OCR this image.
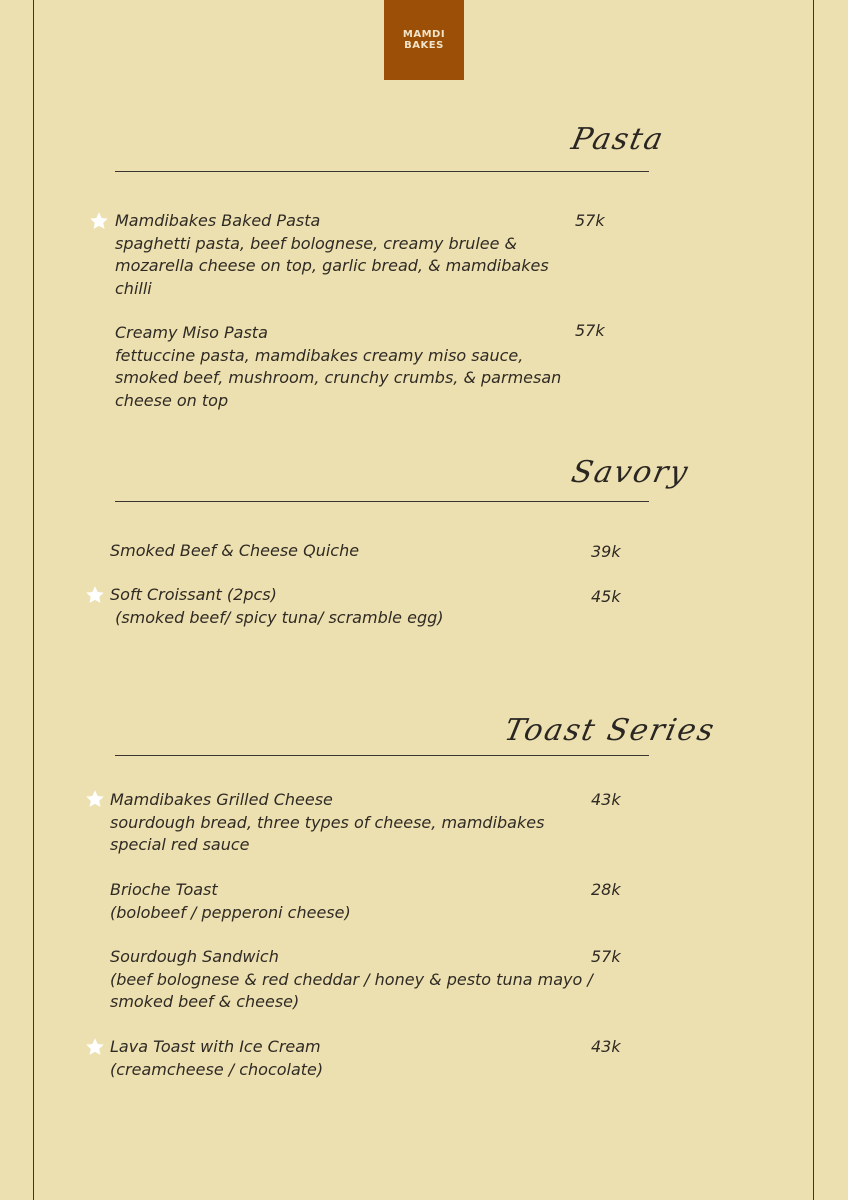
MAMDI
BAKES
Pasta
Mamdibakes Baked Pasta
spaghetti pasta, beef bolognese, creamy brulee &
mozarella cheese on top, garlic bread, & mamdibakes
chilli
57k
Creamy Miso Pasta
fettuccine pasta, mamdibakes creamy miso sauce,
smoked beef, mushroom, crunchy crumbs, & parmesan
cheese on top
57k
Savory
Smoked Beef & Cheese Quiche	39k
Soft Croissant (2pcs)
(smoked beef/ spicy tuna/ scramble egg)
45k
Toast Series
Mamdibakes Grilled Cheese
sourdough bread, three types of cheese, mamdibakes
special red sauce
43k
Brioche Toast
(bolobeef / pepperoni cheese)
28k
Sourdough Sandwich
(beef bolognese & red cheddar / honey & pesto tuna mayo /
smoked beef & cheese)
57k
Lava Toast with Ice Cream
(creamcheese / chocolate)
43k
